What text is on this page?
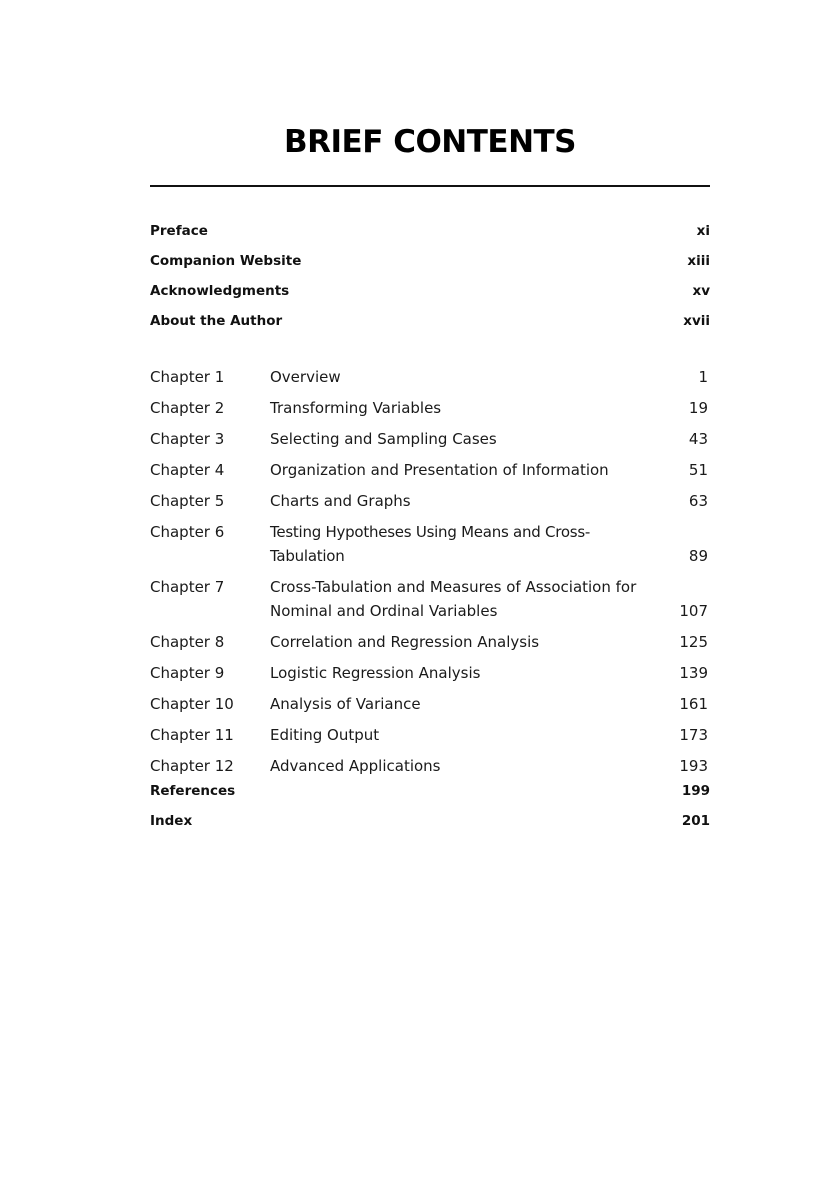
BRIEF CONTENTS
Preface	xi
Companion Website	xiii
Acknowledgments	xv
About the Author	xvii
Chapter 1	Overview	1
Chapter 2	Transforming Variables	19
Chapter 3	Selecting and Sampling Cases	43
Chapter 4	Organization and Presentation of Information	51
Chapter 5	Charts and Graphs	63
Chapter 6	Testing Hypotheses Using Means and Cross-Tabulation	89
Chapter 7	Cross-Tabulation and Measures of Association for
Nominal and Ordinal Variables	107
Chapter 8	Correlation and Regression Analysis	125
Chapter 9	Logistic Regression Analysis	139
Chapter 10	Analysis of Variance	161
Chapter 11	Editing Output	173
Chapter 12	Advanced Applications	193
References	199
Index	201
